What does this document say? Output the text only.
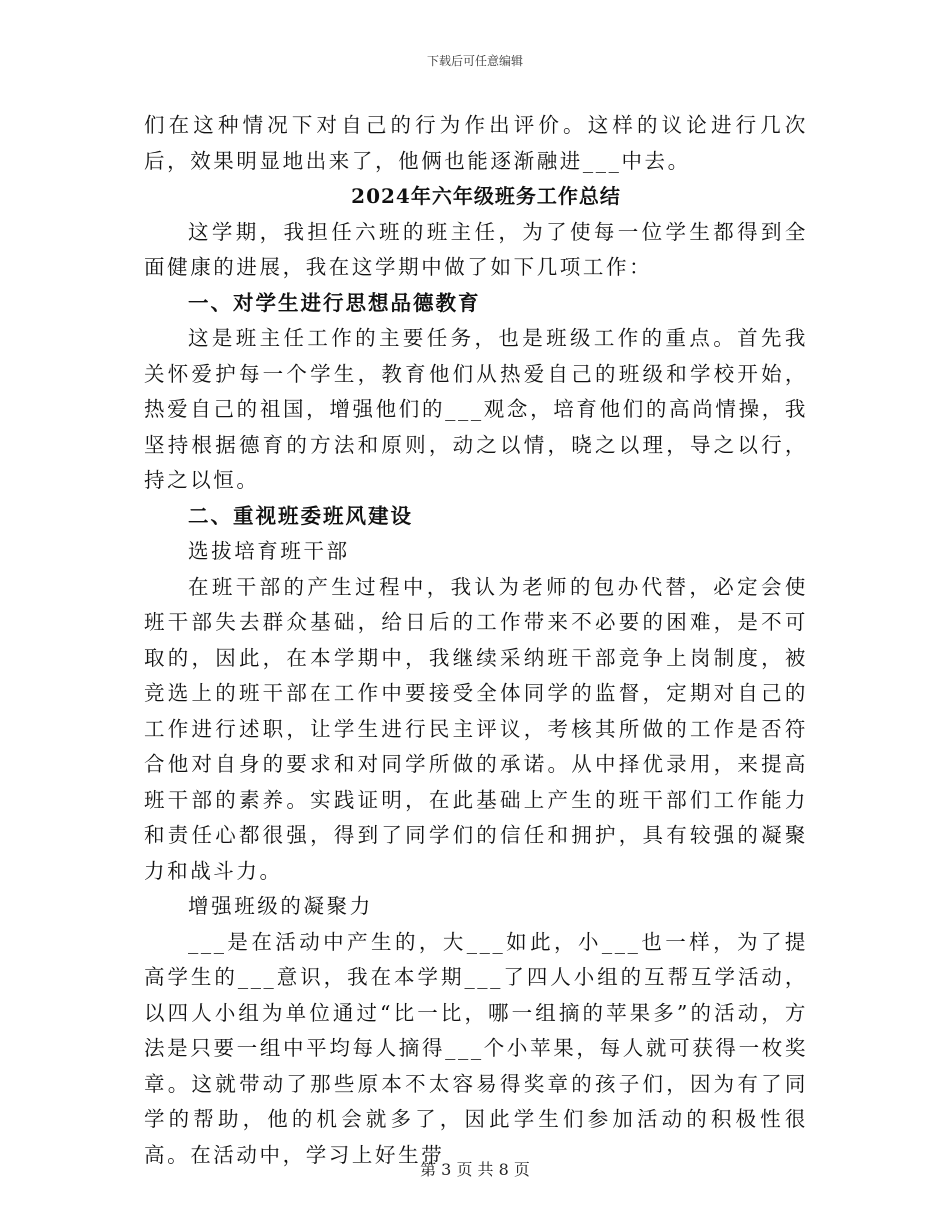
下载后可任意编辑

们在这种情况下对自己的行为作出评价。这样的议论进行几次后，效果明显地出来了，他俩也能逐渐融进___中去。

2024年六年级班务工作总结

这学期，我担任六班的班主任，为了使每一位学生都得到全面健康的进展，我在这学期中做了如下几项工作：

一、对学生进行思想品德教育

这是班主任工作的主要任务，也是班级工作的重点。首先我关怀爱护每一个学生，教育他们从热爱自己的班级和学校开始，热爱自己的祖国，增强他们的___观念，培育他们的高尚情操，我坚持根据德育的方法和原则，动之以情，晓之以理，导之以行，持之以恒。

二、重视班委班风建设

选拔培育班干部

在班干部的产生过程中，我认为老师的包办代替，必定会使班干部失去群众基础，给日后的工作带来不必要的困难，是不可取的，因此，在本学期中，我继续采纳班干部竞争上岗制度，被竞选上的班干部在工作中要接受全体同学的监督，定期对自己的工作进行述职，让学生进行民主评议，考核其所做的工作是否符合他对自身的要求和对同学所做的承诺。从中择优录用，来提高班干部的素养。实践证明，在此基础上产生的班干部们工作能力和责任心都很强，得到了同学们的信任和拥护，具有较强的凝聚力和战斗力。

增强班级的凝聚力

___是在活动中产生的，大___如此，小___也一样，为了提高学生的___意识，我在本学期___了四人小组的互帮互学活动，以四人小组为单位通过“比一比，哪一组摘的苹果多”的活动，方法是只要一组中平均每人摘得___个小苹果，每人就可获得一枚奖章。这就带动了那些原本不太容易得奖章的孩子们，因为有了同学的帮助，他的机会就多了，因此学生们参加活动的积极性很高。在活动中，学习上好生带

第 3 页 共 8 页
